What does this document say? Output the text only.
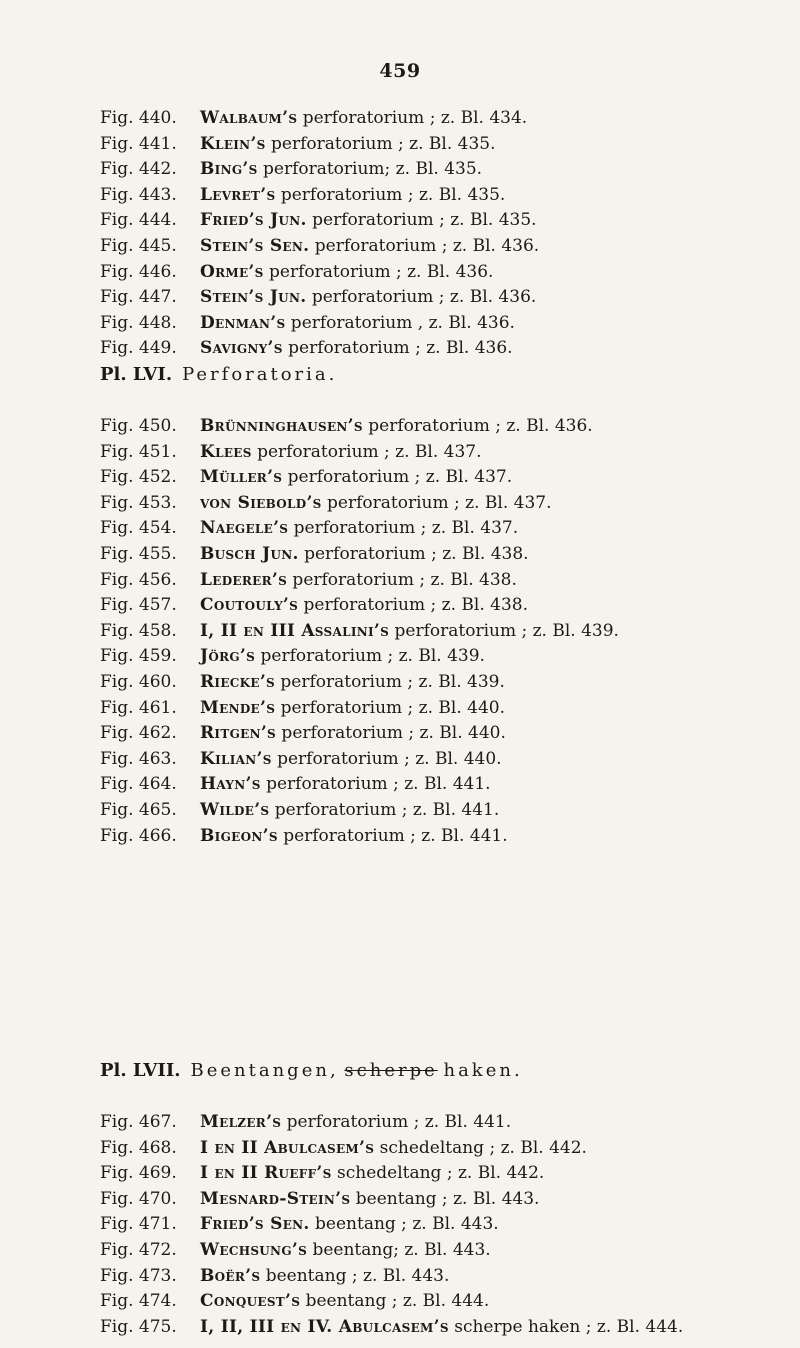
459
Fig. 440.	Walbaum’s perforatorium ; z. Bl. 434.
Fig. 441.	Klein’s perforatorium ; z. Bl. 435.
Fig. 442.	Bing’s perforatorium; z. Bl. 435.
Fig. 443.	Levret’s perforatorium ; z. Bl. 435.
Fig. 444.	Fried’s Jun. perforatorium ; z. Bl. 435.
Fig. 445.	Stein’s Sen. perforatorium ; z. Bl. 436.
Fig. 446.	Orme’s perforatorium ; z. Bl. 436.
Fig. 447.	Stein’s Jun. perforatorium ; z. Bl. 436.
Fig. 448.	Denman’s perforatorium , z. Bl. 436.
Fig. 449.	Savigny’s perforatorium ; z. Bl. 436.
Pl. LVI. Perforatoria.
Fig. 450.	Brünninghausen’s perforatorium ; z. Bl. 436.
Fig. 451.	Klees perforatorium ; z. Bl. 437.
Fig. 452.	Müller’s perforatorium ; z. Bl. 437.
Fig. 453.	von Siebold’s perforatorium ; z. Bl. 437.
Fig. 454.	Naegele’s perforatorium ; z. Bl. 437.
Fig. 455.	Busch Jun. perforatorium ; z. Bl. 438.
Fig. 456.	Lederer’s perforatorium ; z. Bl. 438.
Fig. 457.	Coutouly’s perforatorium ; z. Bl. 438.
Fig. 458.	I, II en III Assalini’s perforatorium ; z. Bl. 439.
Fig. 459.	Jörg’s perforatorium ; z. Bl. 439.
Fig. 460.	Riecke’s perforatorium ; z. Bl. 439.
Fig. 461.	Mende’s perforatorium ; z. Bl. 440.
Fig. 462.	Ritgen’s perforatorium ; z. Bl. 440.
Fig. 463.	Kilian’s perforatorium ; z. Bl. 440.
Fig. 464.	Hayn’s perforatorium ; z. Bl. 441.
Fig. 465.	Wilde’s perforatorium ; z. Bl. 441.
Fig. 466.	Bigeon’s perforatorium ; z. Bl. 441.
Pl. LVII. Beentangen, scherpe haken.
Fig. 467.	Melzer’s perforatorium ; z. Bl. 441.
Fig. 468.	I en II Abulcasem’s schedeltang ; z. Bl. 442.
Fig. 469.	I en II Rueff’s schedeltang ; z. Bl. 442.
Fig. 470.	Mesnard-Stein’s beentang ; z. Bl. 443.
Fig. 471.	Fried’s Sen. beentang ; z. Bl. 443.
Fig. 472.	Wechsung’s beentang; z. Bl. 443.
Fig. 473.	Boër’s beentang ; z. Bl. 443.
Fig. 474.	Conquest’s beentang ; z. Bl. 444.
Fig. 475.	I, II, III en IV. Abulcasem’s scherpe haken ; z. Bl. 444.
